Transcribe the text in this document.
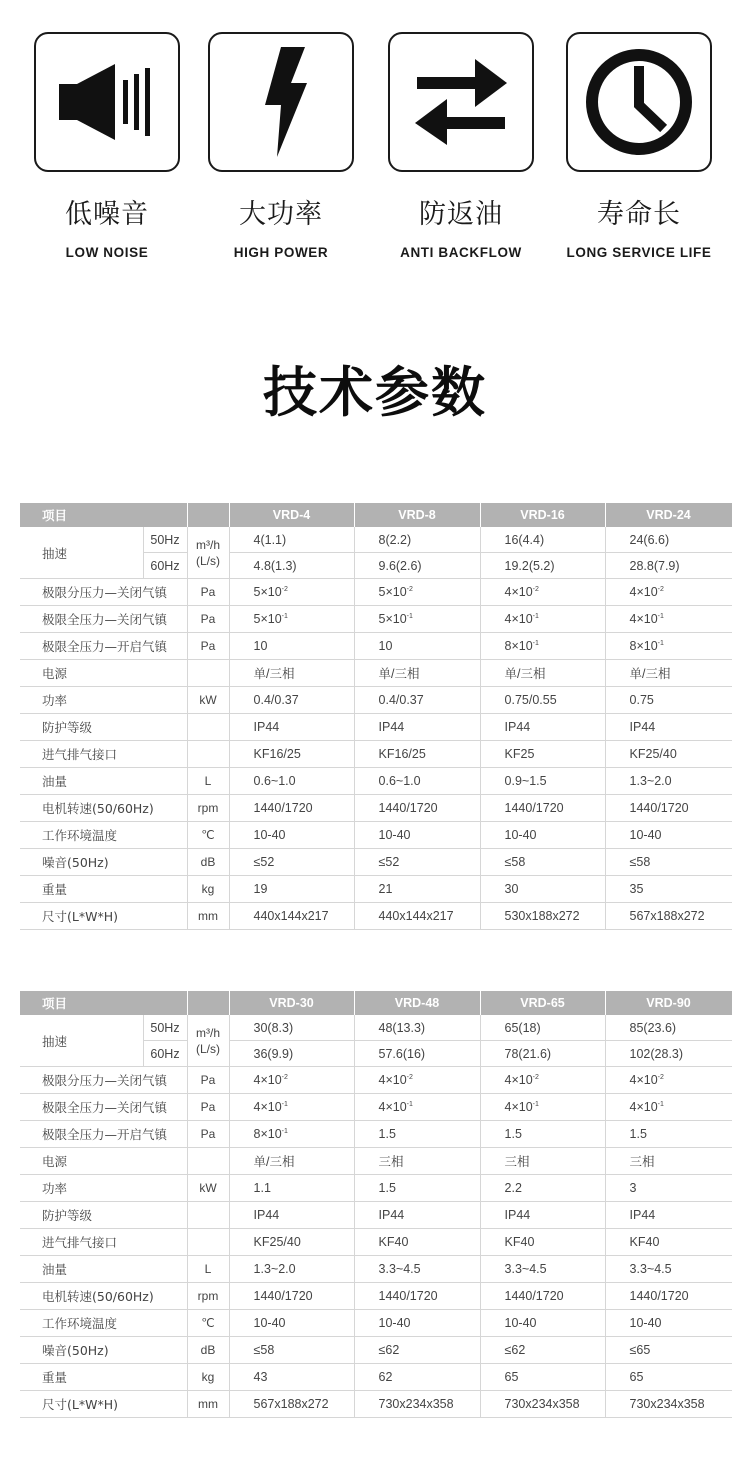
低噪音
LOW NOISE
大功率
HIGH POWER
防返油
ANTI BACKFLOW
寿命长
LONG SERVICE LIFE
技术参数
项目			VRD-4	VRD-8	VRD-16	VRD-24
抽速	50Hz	m³/h (L/s)	4(1.1)	8(2.2)	16(4.4)	24(6.6)
	60Hz		4.8(1.3)	9.6(2.6)	19.2(5.2)	28.8(7.9)
极限分压力—关闭气镇		Pa	$5\times 10^{-2}$	$5\times 10^{-2}$	$4\times 10^{-2}$	$4\times 10^{-2}$
极限全压力—关闭气镇		Pa	$5\times 10^{-1}$	$5\times 10^{-1}$	$4\times 10^{-1}$	$4\times 10^{-1}$
极限全压力—开启气镇		Pa	10	10	$8\times 10^{-1}$	$8\times 10^{-1}$
电源			单/三相	单/三相	单/三相	单/三相
功率		kW	0.4/0.37	0.4/0.37	0.75/0.55	0.75
防护等级			IP44	IP44	IP44	IP44
进气排气接口			KF16/25	KF16/25	KF25	KF25/40
油量		L	0.6~1.0	0.6~1.0	0.9~1.5	1.3~2.0
电机转速(50/60Hz)		rpm	1440/1720	1440/1720	1440/1720	1440/1720
工作环境温度		℃	10-40	10-40	10-40	10-40
噪音(50Hz)		dB	≤52	≤52	≤58	≤58
重量		kg	19	21	30	35
尺寸(L*W*H)		mm	440x144x217	440x144x217	530x188x272	567x188x272
项目			VRD-30	VRD-48	VRD-65	VRD-90
抽速	50Hz	m³/h (L/s)	30(8.3)	48(13.3)	65(18)	85(23.6)
	60Hz		36(9.9)	57.6(16)	78(21.6)	102(28.3)
极限分压力—关闭气镇		Pa	$4\times 10^{-2}$	$4\times 10^{-2}$	$4\times 10^{-2}$	$4\times 10^{-2}$
极限全压力—关闭气镇		Pa	$4\times 10^{-1}$	$4\times 10^{-1}$	$4\times 10^{-1}$	$4\times 10^{-1}$
极限全压力—开启气镇		Pa	$8\times 10^{-1}$	1.5	1.5	1.5
电源			单/三相	三相	三相	三相
功率		kW	1.1	1.5	2.2	3
防护等级			IP44	IP44	IP44	IP44
进气排气接口			KF25/40	KF40	KF40	KF40
油量		L	1.3~2.0	3.3~4.5	3.3~4.5	3.3~4.5
电机转速(50/60Hz)		rpm	1440/1720	1440/1720	1440/1720	1440/1720
工作环境温度		℃	10-40	10-40	10-40	10-40
噪音(50Hz)		dB	≤58	≤62	≤62	≤65
重量		kg	43	62	65	65
尺寸(L*W*H)		mm	567x188x272	730x234x358	730x234x358	730x234x358
